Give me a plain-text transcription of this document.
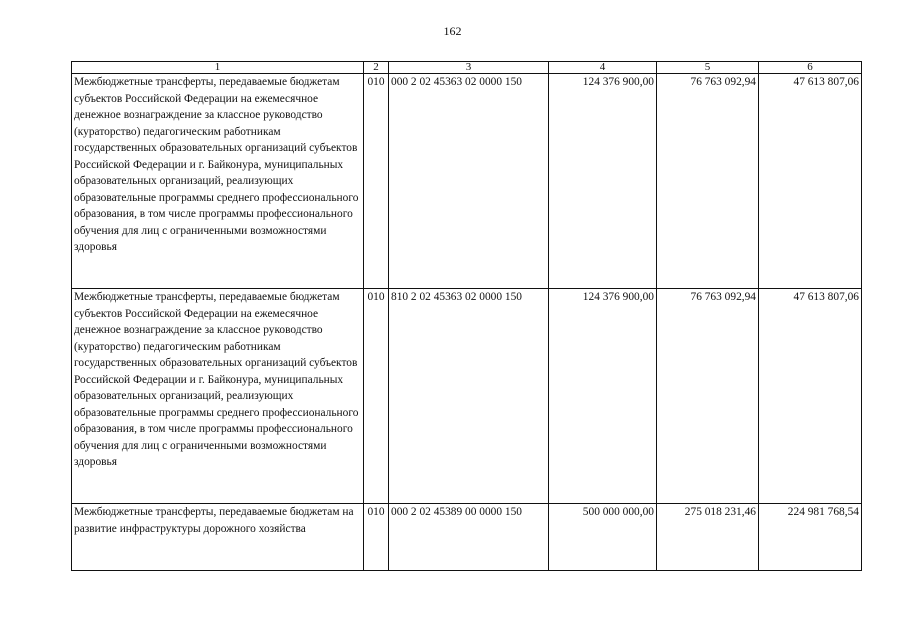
162
1	2	3	4	5	6
Межбюджетные трансферты, передаваемые бюджетам субъектов Российской Федерации на ежемесячное денежное вознаграждение за классное руководство (кураторство) педагогическим работникам государственных образовательных организаций субъектов Российской Федерации и г. Байконура, муниципальных образовательных организаций, реализующих образовательные программы среднего профессионального образования, в том числе программы профессионального обучения для лиц с ограниченными возможностями здоровья	010	000 2 02 45363 02 0000 150	124 376 900,00	76 763 092,94	47 613 807,06
Межбюджетные трансферты, передаваемые бюджетам субъектов Российской Федерации на ежемесячное денежное вознаграждение за классное руководство (кураторство) педагогическим работникам государственных образовательных организаций субъектов Российской Федерации и г. Байконура, муниципальных образовательных организаций, реализующих образовательные программы среднего профессионального образования, в том числе программы профессионального обучения для лиц с ограниченными возможностями здоровья	010	810 2 02 45363 02 0000 150	124 376 900,00	76 763 092,94	47 613 807,06
Межбюджетные трансферты, передаваемые бюджетам на развитие инфраструктуры дорожного хозяйства	010	000 2 02 45389 00 0000 150	500 000 000,00	275 018 231,46	224 981 768,54
